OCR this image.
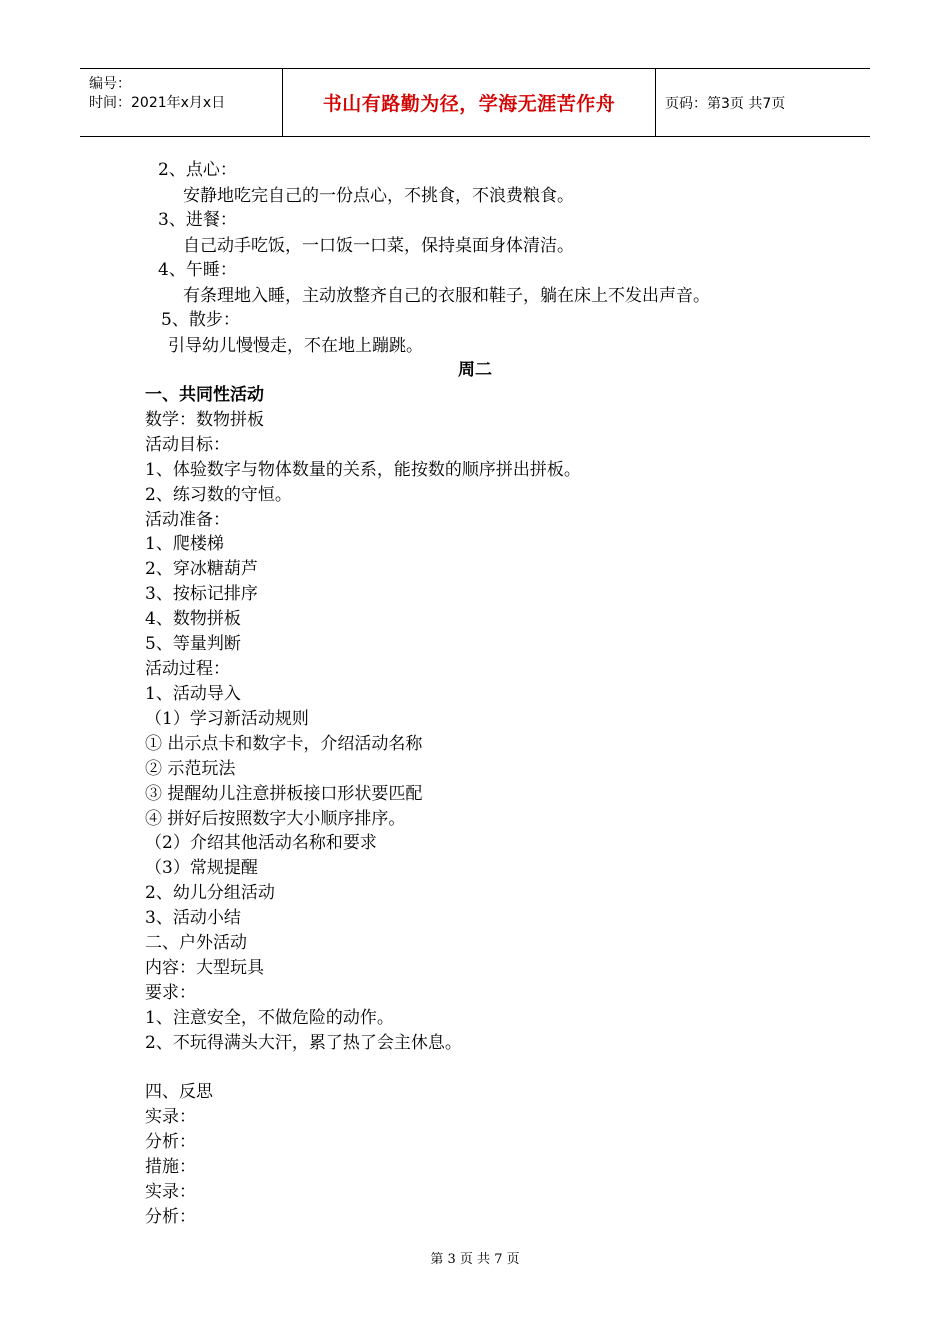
编号：
时间：2021年x月x日	书山有路勤为径，学海无涯苦作舟	页码：第3页 共7页
2、点心：
安静地吃完自己的一份点心，不挑食，不浪费粮食。
3、进餐：
自己动手吃饭，一口饭一口菜，保持桌面身体清洁。
4、午睡：
有条理地入睡，主动放整齐自己的衣服和鞋子，躺在床上不发出声音。
5、散步：
引导幼儿慢慢走，不在地上蹦跳。
周二
一、共同性活动
数学：数物拼板
活动目标：
1、体验数字与物体数量的关系，能按数的顺序拼出拼板。
2、练习数的守恒。
活动准备：
1、爬楼梯
2、穿冰糖葫芦
3、按标记排序
4、数物拼板
5、等量判断
活动过程：
1、活动导入
（1）学习新活动规则
① 出示点卡和数字卡，介绍活动名称
② 示范玩法
③ 提醒幼儿注意拼板接口形状要匹配
④ 拼好后按照数字大小顺序排序。
（2）介绍其他活动名称和要求
（3）常规提醒
2、幼儿分组活动
3、活动小结
二、户外活动
内容：大型玩具
要求：
1、注意安全，不做危险的动作。
2、不玩得满头大汗，累了热了会主休息。
四、反思
实录：
分析：
措施：
实录：
分析：
第 3 页 共 7 页
